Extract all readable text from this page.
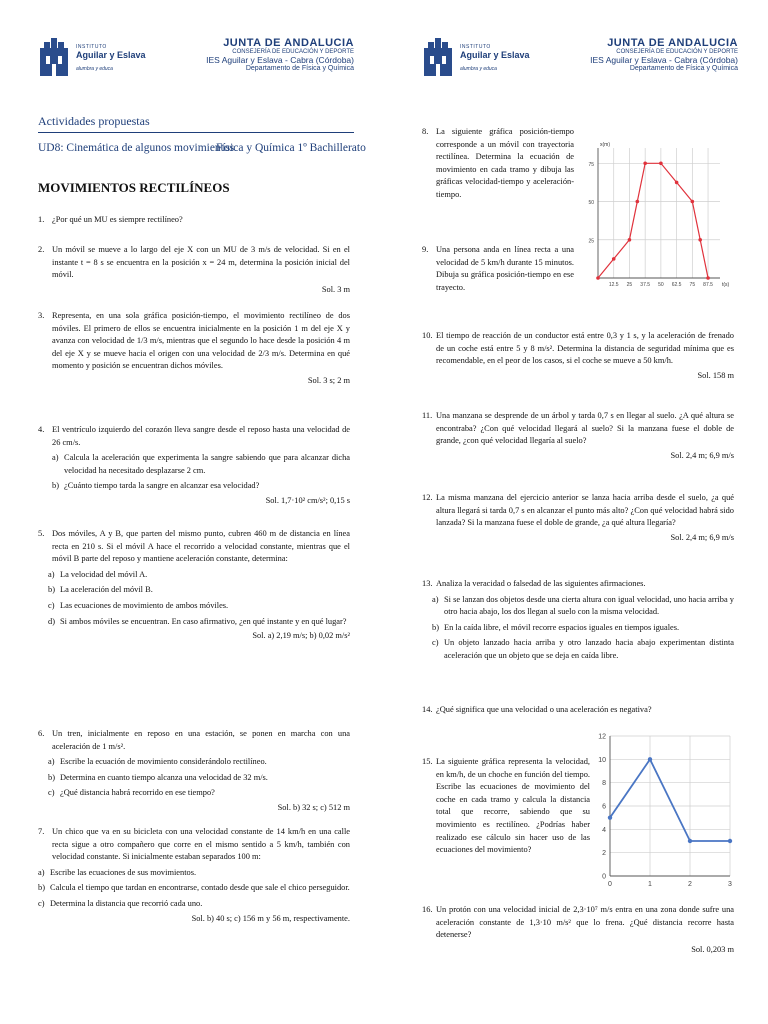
INSTITUTO
Aguilar y Eslava
alumbra y educa
JUNTA DE ANDALUCIA
CONSEJERÍA DE EDUCACIÓN Y DEPORTE
IES Aguilar y Eslava - Cabra (Córdoba)
Departamento de Física y Química
Actividades propuestas
UD8: Cinemática de algunos movimientos
Física y Química 1º Bachillerato
MOVIMIENTOS RECTILÍNEOS
1. ¿Por qué un MU es siempre rectilíneo?
2. Un móvil se mueve a lo largo del eje X con un MU de 3 m/s de velocidad. Si en el instante t = 8 s se encuentra en la posición x = 24 m, determina la posición inicial del móvil.
Sol. 3 m
3. Representa, en una sola gráfica posición-tiempo, el movimiento rectilíneo de dos móviles. El primero de ellos se encuentra inicialmente en la posición 1 m del eje X y avanza con velocidad de 1/3 m/s, mientras que el segundo lo hace desde la posición 4 m del eje X y se mueve hacia el origen con una velocidad de 2/3 m/s. Determina en qué momento y posición se encuentran dichos móviles.
Sol. 3 s; 2 m
4. El ventrículo izquierdo del corazón lleva sangre desde el reposo hasta una velocidad de 26 cm/s.
a) Calcula la aceleración que experimenta la sangre sabiendo que para alcanzar dicha velocidad ha necesitado desplazarse 2 cm.
b) ¿Cuánto tiempo tarda la sangre en alcanzar esa velocidad?
Sol. 1,7·10² cm/s²; 0,15 s
5. Dos móviles, A y B, que parten del mismo punto, cubren 460 m de distancia en línea recta en 210 s. Si el móvil A hace el recorrido a velocidad constante, mientras que el móvil B parte del reposo y mantiene aceleración constante, determina:
a) La velocidad del móvil A.
b) La aceleración del móvil B.
c) Las ecuaciones de movimiento de ambos móviles.
d) Si ambos móviles se encuentran. En caso afirmativo, ¿en qué instante y en qué lugar?
Sol. a) 2,19 m/s; b) 0,02 m/s²
6. Un tren, inicialmente en reposo en una estación, se ponen en marcha con una aceleración de 1 m/s².
a) Escribe la ecuación de movimiento considerándolo rectilíneo.
b) Determina en cuanto tiempo alcanza una velocidad de 32 m/s.
c) ¿Qué distancia habrá recorrido en ese tiempo?
Sol. b) 32 s; c) 512 m
7. Un chico que va en su bicicleta con una velocidad constante de 14 km/h en una calle recta sigue a otro compañero que corre en el mismo sentido a 5 km/h, también con velocidad constante. Si inicialmente estaban separados 100 m:
a) Escribe las ecuaciones de sus movimientos.
b) Calcula el tiempo que tardan en encontrarse, contado desde que sale el chico perseguidor.
c) Determina la distancia que recorrió cada uno.
Sol. b) 40 s; c) 156 m y 56 m, respectivamente.
INSTITUTO
Aguilar y Eslava
alumbra y educa
JUNTA DE ANDALUCIA
CONSEJERÍA DE EDUCACIÓN Y DEPORTE
IES Aguilar y Eslava - Cabra (Córdoba)
Departamento de Física y Química
8. La siguiente gráfica posición-tiempo corresponde a un móvil con trayectoria rectilínea. Determina la ecuación de movimiento en cada tramo y dibuja las gráficas velocidad-tiempo y aceleración-tiempo.
9. Una persona anda en línea recta a una velocidad de 5 km/h durante 15 minutos. Dibuja su gráfica posición-tiempo en ese trayecto.
25
50
75
12.5 25 37.5 50 62.5 75 87.5
x(m)
t(s)
10. El tiempo de reacción de un conductor está entre 0,3 y 1 s, y la aceleración de frenado de un coche está entre 5 y 8 m/s². Determina la distancia de seguridad mínima que es recomendable, en el peor de los casos, si el coche se mueve a 50 km/h.
Sol. 158 m
11. Una manzana se desprende de un árbol y tarda 0,7 s en llegar al suelo. ¿A qué altura se encontraba? ¿Con qué velocidad llegará al suelo? Si la manzana fuese el doble de grande, ¿con qué velocidad llegaría al suelo?
Sol. 2,4 m; 6,9 m/s
12. La misma manzana del ejercicio anterior se lanza hacia arriba desde el suelo, ¿a qué altura llegará si tarda 0,7 s en alcanzar el punto más alto? ¿Con qué velocidad habrá sido lanzada? Si la manzana fuese el doble de grande, ¿a qué altura llegaría?
Sol. 2,4 m; 6,9 m/s
13. Analiza la veracidad o falsedad de las siguientes afirmaciones.
a) Si se lanzan dos objetos desde una cierta altura con igual velocidad, uno hacia arriba y otro hacia abajo, los dos llegan al suelo con la misma velocidad.
b) En la caída libre, el móvil recorre espacios iguales en tiempos iguales.
c) Un objeto lanzado hacia arriba y otro lanzado hacia abajo experimentan distinta aceleración que un objeto que se deja en caída libre.
14. ¿Qué significa que una velocidad o una aceleración es negativa?
15. La siguiente gráfica representa la velocidad, en km/h, de un choche en función del tiempo. Escribe las ecuaciones de movimiento del coche en cada tramo y calcula la distancia total que recorre, sabiendo que su movimiento es rectilíneo. ¿Podrías haber realizado ese cálculo sin hacer uso de las ecuaciones del movimiento?
0
2
4
6
8
10
12
0	1	2	3
16. Un protón con una velocidad inicial de 2,3·10⁷ m/s entra en una zona donde sufre una aceleración constante de 1,3·10 m/s² que lo frena. ¿Qué distancia recorre hasta detenerse?
Sol. 0,203 m
